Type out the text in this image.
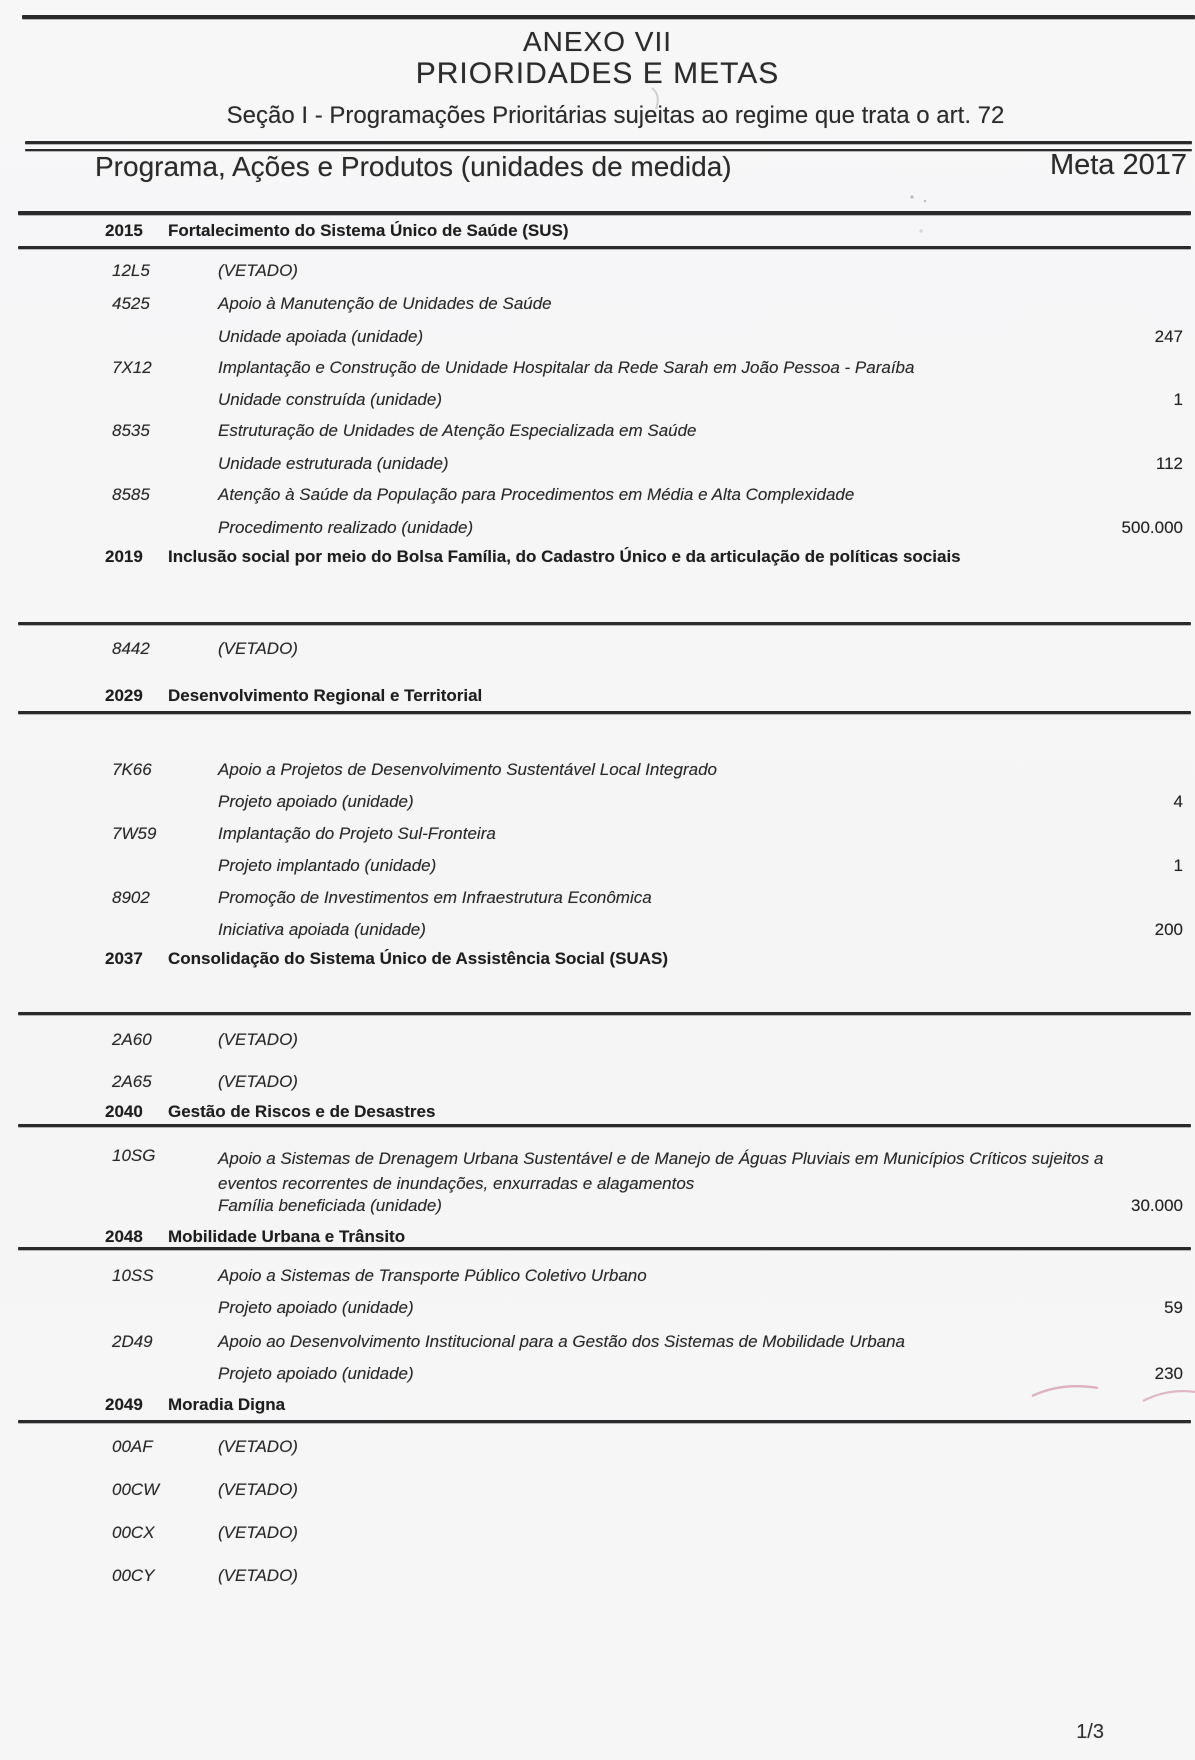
ANEXO VII
PRIORIDADES E METAS
Seção I - Programações Prioritárias sujeitas ao regime que trata o art. 72
Programa, Ações e Produtos (unidades de medida)	Meta 2017
2015 Fortalecimento do Sistema Único de Saúde (SUS)
12L5	(VETADO)
4525	Apoio à Manutenção de Unidades de Saúde
Unidade apoiada (unidade)	247
7X12	Implantação e Construção de Unidade Hospitalar da Rede Sarah em João Pessoa - Paraíba
Unidade construída (unidade)	1
8535	Estruturação de Unidades de Atenção Especializada em Saúde
Unidade estruturada (unidade)	112
8585	Atenção à Saúde da População para Procedimentos em Média e Alta Complexidade
Procedimento realizado (unidade)	500.000
2019 Inclusão social por meio do Bolsa Família, do Cadastro Único e da articulação de políticas sociais
8442	(VETADO)
2029 Desenvolvimento Regional e Territorial
7K66	Apoio a Projetos de Desenvolvimento Sustentável Local Integrado
Projeto apoiado (unidade)	4
7W59	Implantação do Projeto Sul-Fronteira
Projeto implantado (unidade)	1
8902	Promoção de Investimentos em Infraestrutura Econômica
Iniciativa apoiada (unidade)	200
2037 Consolidação do Sistema Único de Assistência Social (SUAS)
2A60	(VETADO)
2A65	(VETADO)
2040 Gestão de Riscos e de Desastres
10SG	Apoio a Sistemas de Drenagem Urbana Sustentável e de Manejo de Águas Pluviais em Municípios Críticos sujeitos a eventos recorrentes de inundações, enxurradas e alagamentos
Família beneficiada (unidade)	30.000
2048 Mobilidade Urbana e Trânsito
10SS	Apoio a Sistemas de Transporte Público Coletivo Urbano
Projeto apoiado (unidade)	59
2D49	Apoio ao Desenvolvimento Institucional para a Gestão dos Sistemas de Mobilidade Urbana
Projeto apoiado (unidade)	230
2049 Moradia Digna
00AF	(VETADO)
00CW	(VETADO)
00CX	(VETADO)
00CY	(VETADO)
1/3
